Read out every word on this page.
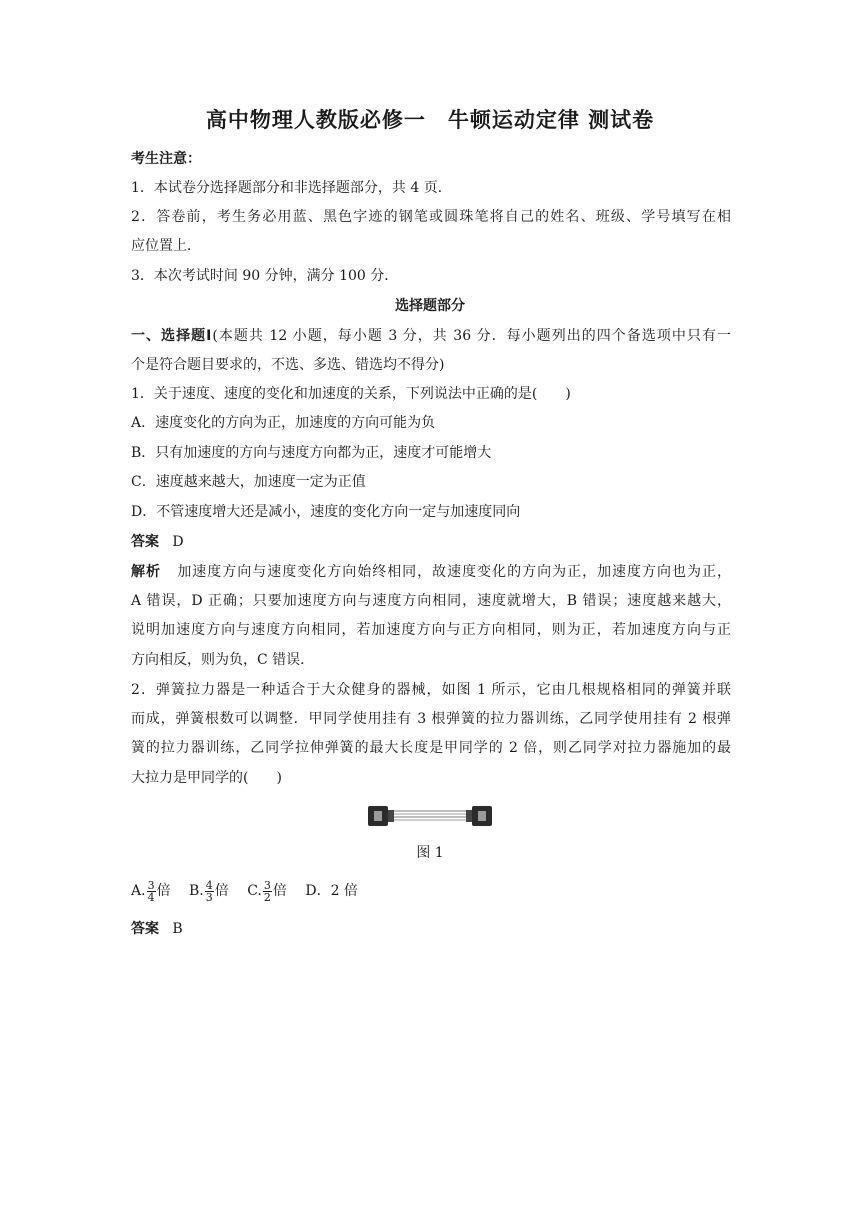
高中物理人教版必修一　牛顿运动定律 测试卷
考生注意：
1．本试卷分选择题部分和非选择题部分，共 4 页．
2．答卷前，考生务必用蓝、黑色字迹的钢笔或圆珠笔将自己的姓名、班级、学号填写在相
应位置上．
3．本次考试时间 90 分钟，满分 100 分．
选择题部分
一、选择题Ⅰ(本题共 12 小题，每小题 3 分，共 36 分．每小题列出的四个备选项中只有一
个是符合题目要求的，不选、多选、错选均不得分)
1．关于速度、速度的变化和加速度的关系，下列说法中正确的是(　　)
A．速度变化的方向为正，加速度的方向可能为负
B．只有加速度的方向与速度方向都为正，速度才可能增大
C．速度越来越大，加速度一定为正值
D．不管速度增大还是减小，速度的变化方向一定与加速度同向
答案 D
解析 加速度方向与速度变化方向始终相同，故速度变化的方向为正，加速度方向也为正，
A 错误，D 正确；只要加速度方向与速度方向相同，速度就增大，B 错误；速度越来越大，
说明加速度方向与速度方向相同，若加速度方向与正方向相同，则为正，若加速度方向与正
方向相反，则为负，C 错误．
2．弹簧拉力器是一种适合于大众健身的器械，如图 1 所示，它由几根规格相同的弹簧并联
而成，弹簧根数可以调整．甲同学使用挂有 3 根弹簧的拉力器训练，乙同学使用挂有 2 根弹
簧的拉力器训练，乙同学拉伸弹簧的最大长度是甲同学的 2 倍，则乙同学对拉力器施加的最
大拉力是甲同学的(　　)
图 1
A. $\frac{3}{4}$ 倍 B. $\frac{4}{3}$ 倍 C. $\frac{3}{2}$ 倍 D．2 倍
答案 B
